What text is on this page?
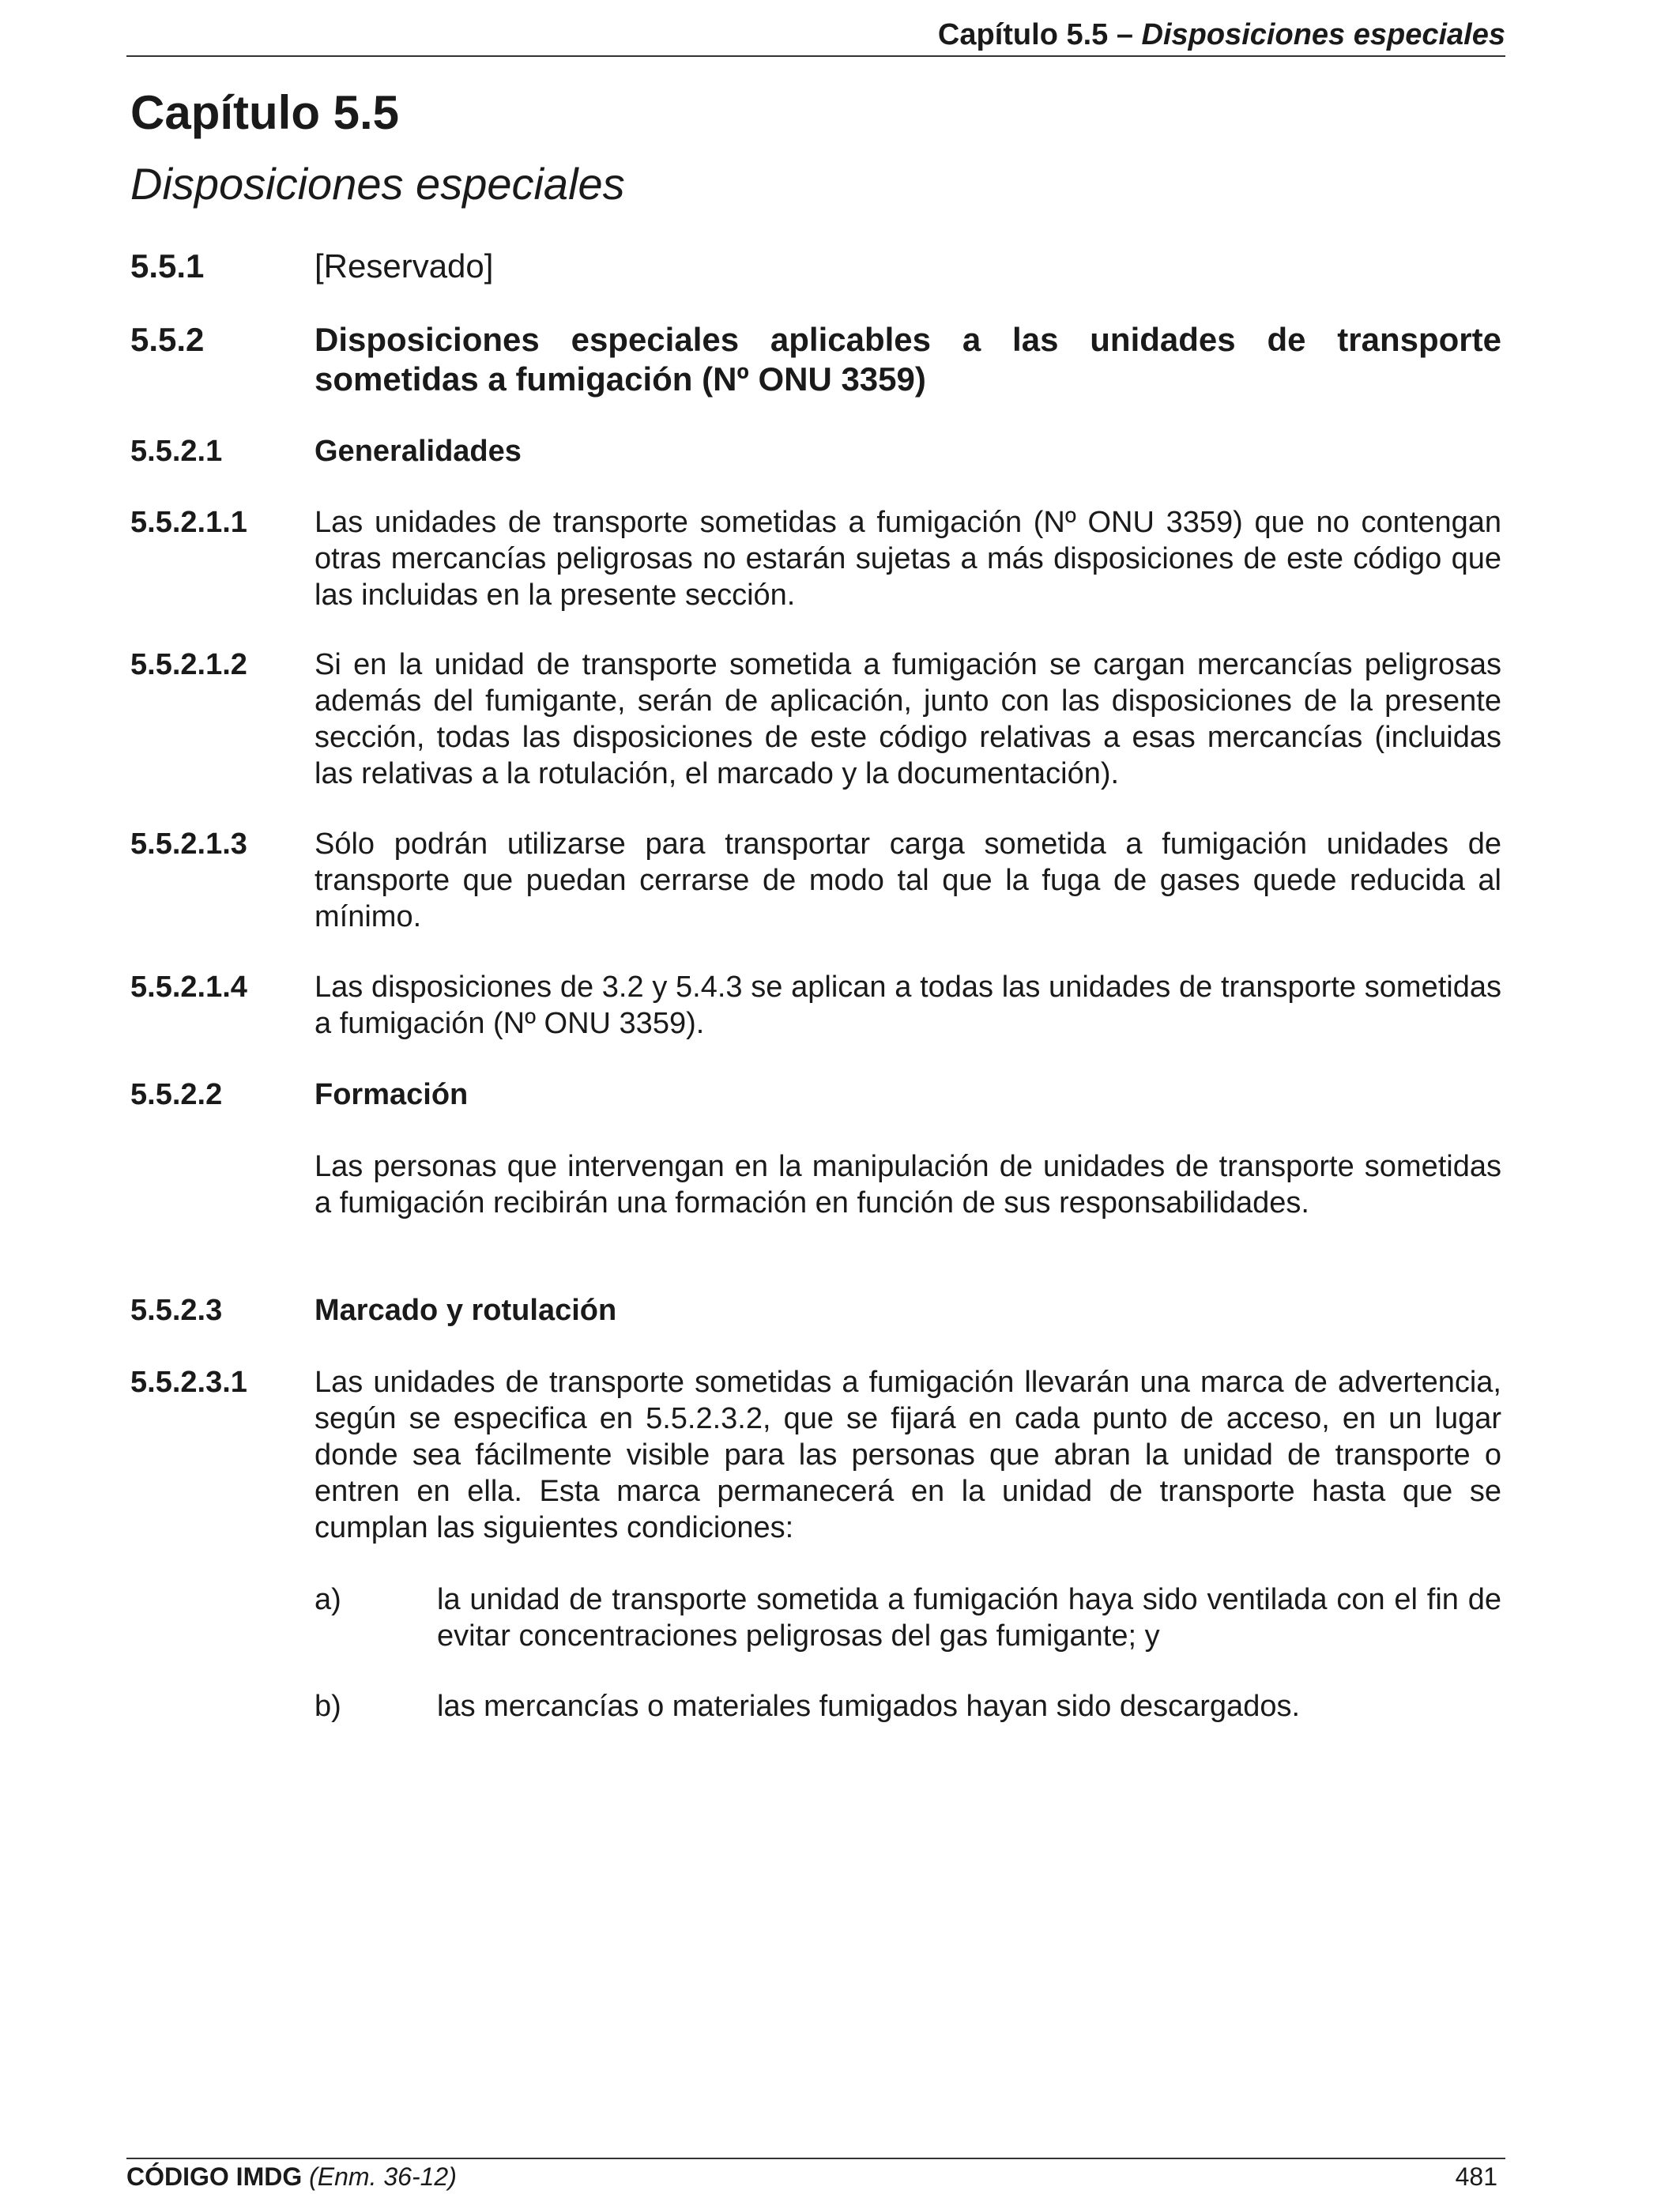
Capítulo 5.5 – Disposiciones especiales
Capítulo 5.5
Disposiciones especiales
5.5.1	[Reservado]
5.5.2	Disposiciones especiales aplicables a las unidades de transporte sometidas a fumigación (Nº ONU 3359)
5.5.2.1	Generalidades
5.5.2.1.1 Las unidades de transporte sometidas a fumigación (Nº ONU 3359) que no contengan otras mercancías peligrosas no estarán sujetas a más disposiciones de este código que las incluidas en la presente sección.
5.5.2.1.2 Si en la unidad de transporte sometida a fumigación se cargan mercancías peligrosas además del fumigante, serán de aplicación, junto con las disposiciones de la presente sección, todas las disposiciones de este código relativas a esas mercancías (incluidas las relativas a la rotulación, el marcado y la documentación).
5.5.2.1.3 Sólo podrán utilizarse para transportar carga sometida a fumigación unidades de transporte que puedan cerrarse de modo tal que la fuga de gases quede reducida al mínimo.
5.5.2.1.4 Las disposiciones de 3.2 y 5.4.3 se aplican a todas las unidades de transporte sometidas a fumigación (Nº ONU 3359).
5.5.2.2	Formación
Las personas que intervengan en la manipulación de unidades de transporte sometidas a fumigación recibirán una formación en función de sus responsabilidades.
5.5.2.3	Marcado y rotulación
5.5.2.3.1 Las unidades de transporte sometidas a fumigación llevarán una marca de advertencia, según se especifica en 5.5.2.3.2, que se fijará en cada punto de acceso, en un lugar donde sea fácilmente visible para las personas que abran la unidad de transporte o entren en ella. Esta marca permanecerá en la unidad de transporte hasta que se cumplan las siguientes condiciones:
a)	la unidad de transporte sometida a fumigación haya sido ventilada con el fin de evitar concentraciones peligrosas del gas fumigante; y
b)	las mercancías o materiales fumigados hayan sido descargados.
CÓDIGO IMDG (Enm. 36-12)	481
